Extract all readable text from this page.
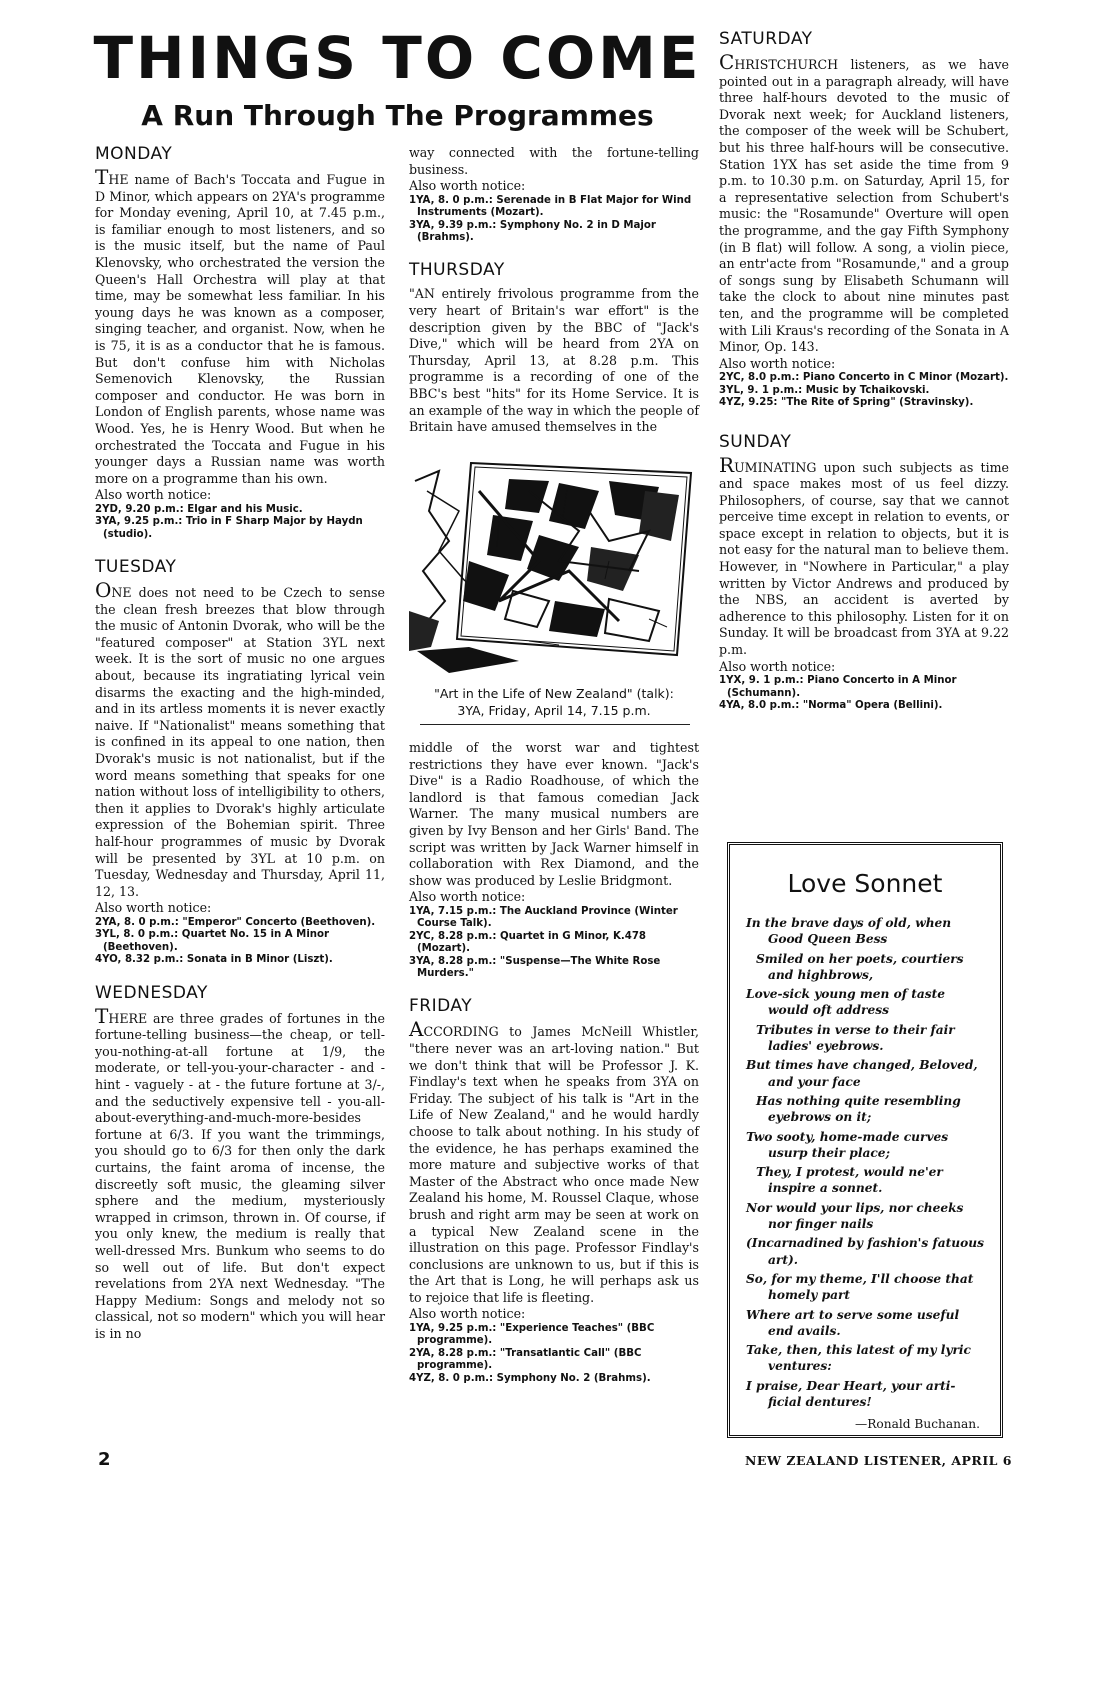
THINGS TO COME
A Run Through The Programmes
MONDAY

THE name of Bach's Toccata and Fugue in D Minor, which appears on 2YA's programme for Monday evening, April 10, at 7.45 p.m., is familiar enough to most listeners, and so is the music itself, but the name of Paul Klenovsky, who orchestrated the version the Queen's Hall Orchestra will play at that time, may be somewhat less familiar. In his young days he was known as a composer, singing teacher, and organist. Now, when he is 75, it is as a conductor that he is famous. But don't confuse him with Nicholas Semenovich Klenovsky, the Russian composer and conductor. He was born in London of English parents, whose name was Wood. Yes, he is Henry Wood. But when he orchestrated the Toccata and Fugue in his younger days a Russian name was worth more on a programme than his own.

Also worth notice:

2YD, 9.20 p.m.: Elgar and his Music.

3YA, 9.25 p.m.: Trio in F Sharp Major by Haydn (studio).

TUESDAY

ONE does not need to be Czech to sense the clean fresh breezes that blow through the music of Antonin Dvorak, who will be the "featured composer" at Station 3YL next week. It is the sort of music no one argues about, because its ingratiating lyrical vein disarms the exacting and the high-minded, and in its artless moments it is never exactly naive. If "Nationalist" means something that is confined in its appeal to one nation, then Dvorak's music is not nationalist, but if the word means something that speaks for one nation without loss of intelligibility to others, then it applies to Dvorak's highly articulate expression of the Bohemian spirit. Three half-hour programmes of music by Dvorak will be presented by 3YL at 10 p.m. on Tuesday, Wednesday and Thursday, April 11, 12, 13.

Also worth notice:

2YA, 8. 0 p.m.: "Emperor" Concerto (Beethoven).

3YL, 8. 0 p.m.: Quartet No. 15 in A Minor (Beethoven).

4YO, 8.32 p.m.: Sonata in B Minor (Liszt).

WEDNESDAY

THERE are three grades of fortunes in the fortune-telling business—the cheap, or tell-you-nothing-at-all fortune at 1/9, the moderate, or tell-you-your-character - and - hint - vaguely - at - the future fortune at 3/-, and the seductively expensive tell - you-all-about-everything-and-much-more-besides fortune at 6/3. If you want the trimmings, you should go to 6/3 for then only the dark curtains, the faint aroma of incense, the discreetly soft music, the gleaming silver sphere and the medium, mysteriously wrapped in crimson, thrown in. Of course, if you only knew, the medium is really that well-dressed Mrs. Bunkum who seems to do so well out of life. But don't expect revelations from 2YA next Wednesday. "The Happy Medium: Songs and melody not so classical, not so modern" which you will hear is in no

way connected with the fortune-telling business.

Also worth notice:

1YA, 8. 0 p.m.: Serenade in B Flat Major for Wind Instruments (Mozart).

3YA, 9.39 p.m.: Symphony No. 2 in D Major (Brahms).

THURSDAY

"AN entirely frivolous programme from the very heart of Britain's war effort" is the description given by the BBC of "Jack's Dive," which will be heard from 2YA on Thursday, April 13, at 8.28 p.m. This programme is a recording of one of the BBC's best "hits" for its Home Service. It is an example of the way in which the people of Britain have amused themselves in the

"Art in the Life of New Zealand" (talk):
3YA, Friday, April 14, 7.15 p.m.

middle of the worst war and tightest restrictions they have ever known. "Jack's Dive" is a Radio Roadhouse, of which the landlord is that famous comedian Jack Warner. The many musical numbers are given by Ivy Benson and her Girls' Band. The script was written by Jack Warner himself in collaboration with Rex Diamond, and the show was produced by Leslie Bridgmont.

Also worth notice:

1YA, 7.15 p.m.: The Auckland Province (Winter Course Talk).

2YC, 8.28 p.m.: Quartet in G Minor, K.478 (Mozart).

3YA, 8.28 p.m.: "Suspense—The White Rose Murders."

FRIDAY

ACCORDING to James McNeill Whistler, "there never was an art-loving nation." But we don't think that will be Professor J. K. Findlay's text when he speaks from 3YA on Friday. The subject of his talk is "Art in the Life of New Zealand," and he would hardly choose to talk about nothing. In his study of the evidence, he has perhaps examined the more mature and subjective works of that Master of the Abstract who once made New Zealand his home, M. Roussel Claque, whose brush and right arm may be seen at work on a typical New Zealand scene in the illustration on this page. Professor Findlay's conclusions are unknown to us, but if this is the Art that is Long, he will perhaps ask us to rejoice that life is fleeting.

Also worth notice:

1YA, 9.25 p.m.: "Experience Teaches" (BBC programme).

2YA, 8.28 p.m.: "Transatlantic Call" (BBC programme).

4YZ, 8. 0 p.m.: Symphony No. 2 (Brahms).

SATURDAY

CHRISTCHURCH listeners, as we have pointed out in a paragraph already, will have three half-hours devoted to the music of Dvorak next week; for Auckland listeners, the composer of the week will be Schubert, but his three half-hours will be consecutive. Station 1YX has set aside the time from 9 p.m. to 10.30 p.m. on Saturday, April 15, for a representative selection from Schubert's music: the "Rosamunde" Overture will open the programme, and the gay Fifth Symphony (in B flat) will follow. A song, a violin piece, an entr'acte from "Rosamunde," and a group of songs sung by Elisabeth Schumann will take the clock to about nine minutes past ten, and the programme will be completed with Lili Kraus's recording of the Sonata in A Minor, Op. 143.

Also worth notice:

2YC, 8.0 p.m.: Piano Concerto in C Minor (Mozart).

3YL, 9. 1 p.m.: Music by Tchaikovski.

4YZ, 9.25: "The Rite of Spring" (Stravinsky).

SUNDAY

RUMINATING upon such subjects as time and space makes most of us feel dizzy. Philosophers, of course, say that we cannot perceive time except in relation to events, or space except in relation to objects, but it is not easy for the natural man to believe them. However, in "Nowhere in Particular," a play written by Victor Andrews and produced by the NBS, an accident is averted by adherence to this philosophy. Listen for it on Sunday. It will be broadcast from 3YA at 9.22 p.m.

Also worth notice:

1YX, 9. 1 p.m.: Piano Concerto in A Minor (Schumann).

4YA, 8.0 p.m.: "Norma" Opera (Bellini).

Love Sonnet

In the brave days of old, when

Good Queen Bess

Smiled on her poets, courtiers

and highbrows,

Love-sick young men of taste

would oft address

Tributes in verse to their fair

ladies' eyebrows.

But times have changed, Beloved,

and your face

Has nothing quite resembling

eyebrows on it;

Two sooty, home-made curves

usurp their place;

They, I protest, would ne'er

inspire a sonnet.

Nor would your lips, nor cheeks

nor finger nails

(Incarnadined by fashion's fatuous

art).

So, for my theme, I'll choose that

homely part

Where art to serve some useful

end avails.

Take, then, this latest of my lyric

ventures:

I praise, Dear Heart, your arti-

ficial dentures!

—Ronald Buchanan.

2	NEW ZEALAND LISTENER, APRIL 6
